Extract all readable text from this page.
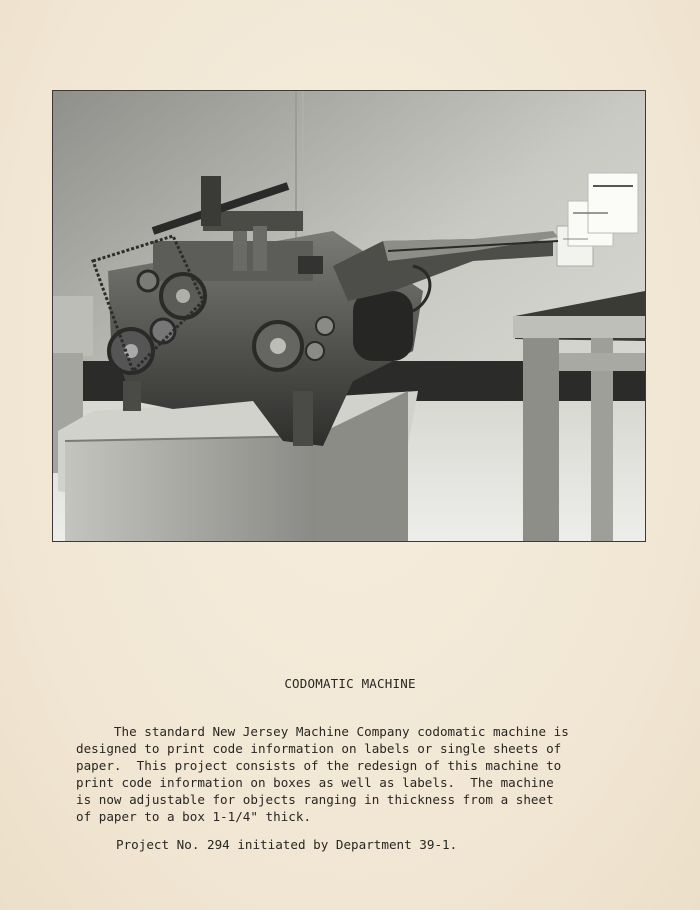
CODOMATIC MACHINE
The standard New Jersey Machine Company codomatic machine is
designed to print code information on labels or single sheets of
paper.  This project consists of the redesign of this machine to
print code information on boxes as well as labels.  The machine
is now adjustable for objects ranging in thickness from a sheet
of paper to a box 1-1/4" thick.
Project No. 294 initiated by Department 39-1.
